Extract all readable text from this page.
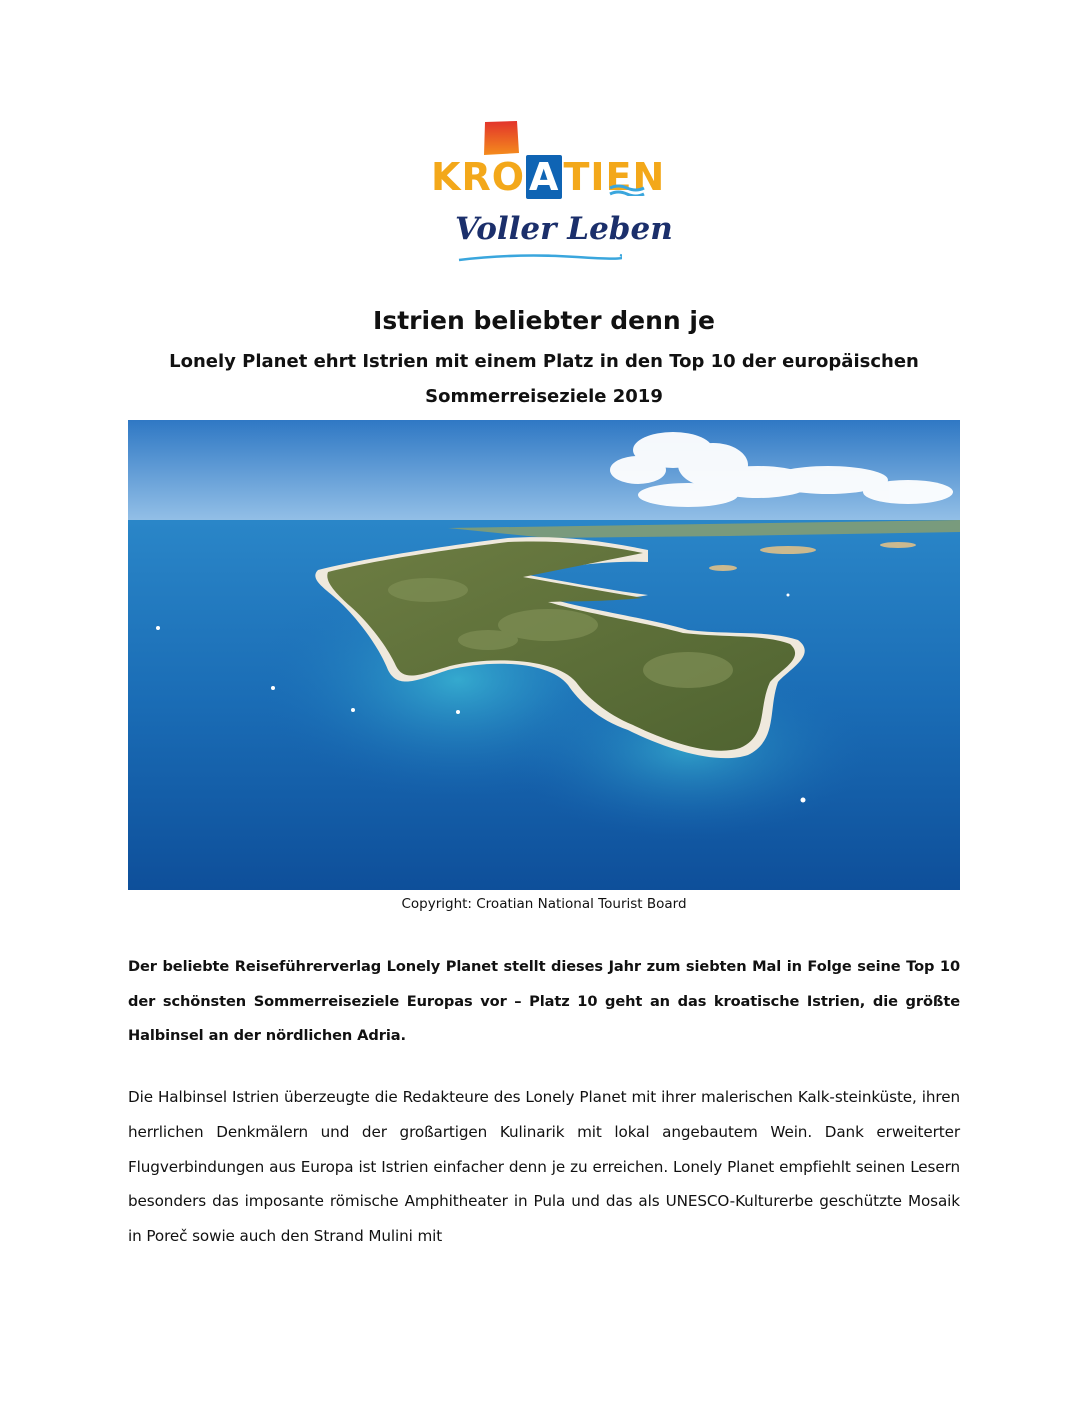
KRO A TIEN
Voller Leben
Istrien beliebter denn je
Lonely Planet ehrt Istrien mit einem Platz in den Top 10 der europäischen Sommerreiseziele 2019
Copyright: Croatian National Tourist Board

Der beliebte Reiseführerverlag Lonely Planet stellt dieses Jahr zum siebten Mal in Folge seine Top 10 der schönsten Sommerreiseziele Europas vor – Platz 10 geht an das kroatische Istrien, die größte Halbinsel an der nördlichen Adria.

Die Halbinsel Istrien überzeugte die Redakteure des Lonely Planet mit ihrer malerischen Kalk-steinküste, ihren herrlichen Denkmälern und der großartigen Kulinarik mit lokal angebautem Wein. Dank erweiterter Flugverbindungen aus Europa ist Istrien einfacher denn je zu erreichen. Lonely Planet empfiehlt seinen Lesern besonders das imposante römische Amphitheater in Pula und das als UNESCO-Kulturerbe geschützte Mosaik in Poreč sowie auch den Strand Mulini mit
